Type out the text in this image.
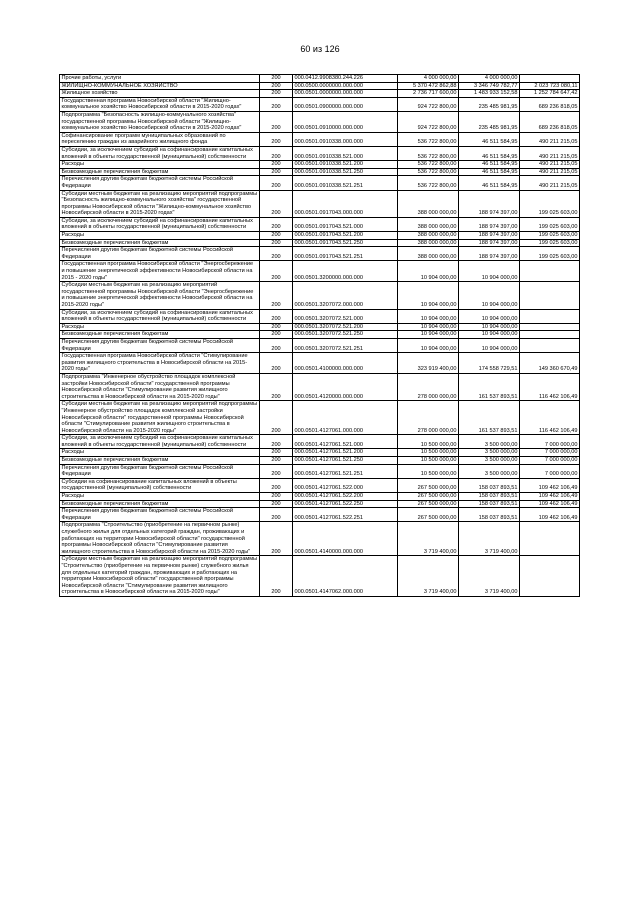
60 из 126
Прочие работы, услуги	200	000.0412.9908380.244.226	4 000 000,00	4 000 000,00	
ЖИЛИЩНО-КОММУНАЛЬНОЕ ХОЗЯЙСТВО	200	000.0500.0000000.000.000	5 370 472 862,88	3 346 749 782,77	2 023 723 080,11
Жилищное хозяйство	200	000.0501.0000000.000.000	2 736 717 600,00	1 483 933 152,58	1 252 784 647,42
Государственная программа Новосибирской области "Жилищно-коммунальное хозяйство Новосибирской области в 2015-2020 годах"	200	000.0501.0900000.000.000	924 722 800,00	235 485 981,95	689 236 818,05
Подпрограмма "Безопасность жилищно-коммунального хозяйства" государственной программы Новосибирской области "Жилищно-коммунальное хозяйство Новосибирской области в 2015-2020 годах"	200	000.0501.0910000.000.000	924 722 800,00	235 485 981,95	689 236 818,05
Софинансирование программ муниципальных образований по переселению граждан из аварийного жилищного фонда	200	000.0501.0910338.000.000	536 722 800,00	46 511 584,95	490 211 215,05
Субсидии, за исключением субсидий на софинансирование капитальных вложений в объекты государственной (муниципальной) собственности	200	000.0501.0910338.521.000	536 722 800,00	46 511 584,95	490 211 215,05
Расходы	200	000.0501.0910338.521.200	536 722 800,00	46 511 584,95	490 211 215,05
Безвозмездные перечисления бюджетам	200	000.0501.0910338.521.250	536 722 800,00	46 511 584,95	490 211 215,05
Перечисления другим бюджетам бюджетной системы Российской Федерации	200	000.0501.0910338.521.251	536 722 800,00	46 511 584,95	490 211 215,05
Субсидии местным бюджетам на реализацию мероприятий подпрограммы "Безопасность жилищно-коммунального хозяйства" государственной программы Новосибирской области "Жилищно-коммунальное хозяйство Новосибирской области в 2015-2020 годах"	200	000.0501.0917043.000.000	388 000 000,00	188 974 397,00	199 025 603,00
Субсидии, за исключением субсидий на софинансирование капитальных вложений в объекты государственной (муниципальной) собственности	200	000.0501.0917043.521.000	388 000 000,00	188 974 397,00	199 025 603,00
Расходы	200	000.0501.0917043.521.200	388 000 000,00	188 974 397,00	199 025 603,00
Безвозмездные перечисления бюджетам	200	000.0501.0917043.521.250	388 000 000,00	188 974 397,00	199 025 603,00
Перечисления другим бюджетам бюджетной системы Российской Федерации	200	000.0501.0917043.521.251	388 000 000,00	188 974 397,00	199 025 603,00
Государственная программа Новосибирской области "Энергосбережение и повышение энергетической эффективности Новосибирской области на 2015 - 2020 годы"	200	000.0501.3200000.000.000	10 904 000,00	10 904 000,00	
Субсидии местным бюджетам на реализацию мероприятий государственной программы Новосибирской области "Энергосбережение и повышение энергетической эффективности Новосибирской области на 2015-2020 годы"	200	000.0501.3207072.000.000	10 904 000,00	10 904 000,00	
Субсидии, за исключением субсидий на софинансирование капитальных вложений в объекты государственной (муниципальной) собственности	200	000.0501.3207072.521.000	10 904 000,00	10 904 000,00	
Расходы	200	000.0501.3207072.521.200	10 904 000,00	10 904 000,00	
Безвозмездные перечисления бюджетам	200	000.0501.3207072.521.250	10 904 000,00	10 904 000,00	
Перечисления другим бюджетам бюджетной системы Российской Федерации	200	000.0501.3207072.521.251	10 904 000,00	10 904 000,00	
Государственная программа Новосибирской области "Стимулирование развития жилищного строительства в Новосибирской области на 2015-2020 годы"	200	000.0501.4100000.000.000	323 919 400,00	174 558 729,51	149 360 670,49
Подпрограмма "Инженерное обустройство площадок комплексной застройки Новосибирской области" государственной программы Новосибирской области "Стимулирование развития жилищного строительства в Новосибирской области на 2015-2020 годы"	200	000.0501.4120000.000.000	278 000 000,00	161 537 893,51	116 462 106,49
Субсидии местным бюджетам на реализацию мероприятий подпрограммы "Инженерное обустройство площадок комплексной застройки Новосибирской области" государственной программы Новосибирской области "Стимулирование развития жилищного строительства в Новосибирской области на 2015-2020 годы"	200	000.0501.4127061.000.000	278 000 000,00	161 537 893,51	116 462 106,49
Субсидии, за исключением субсидий на софинансирование капитальных вложений в объекты государственной (муниципальной) собственности	200	000.0501.4127061.521.000	10 500 000,00	3 500 000,00	7 000 000,00
Расходы	200	000.0501.4127061.521.200	10 500 000,00	3 500 000,00	7 000 000,00
Безвозмездные перечисления бюджетам	200	000.0501.4127061.521.250	10 500 000,00	3 500 000,00	7 000 000,00
Перечисления другим бюджетам бюджетной системы Российской Федерации	200	000.0501.4127061.521.251	10 500 000,00	3 500 000,00	7 000 000,00
Субсидии на софинансирование капитальных вложений в объекты государственной (муниципальной) собственности	200	000.0501.4127061.522.000	267 500 000,00	158 037 893,51	109 462 106,49
Расходы	200	000.0501.4127061.522.200	267 500 000,00	158 037 893,51	109 462 106,49
Безвозмездные перечисления бюджетам	200	000.0501.4127061.522.250	267 500 000,00	158 037 893,51	109 462 106,49
Перечисления другим бюджетам бюджетной системы Российской Федерации	200	000.0501.4127061.522.251	267 500 000,00	158 037 893,51	109 462 106,49
Подпрограмма "Строительство (приобретение на первичном рынке) служебного жилья для отдельных категорий граждан, проживающих и работающих на территории Новосибирской области" государственной программы Новосибирской области "Стимулирование развития жилищного строительства в Новосибирской области на 2015-2020 годы"	200	000.0501.4140000.000.000	3 719 400,00	3 719 400,00	
Субсидии местным бюджетам на реализацию мероприятий подпрограммы "Строительство (приобретение на первичном рынке) служебного жилья для отдельных категорий граждан, проживающих и работающих на территории Новосибирской области" государственной программы Новосибирской области "Стимулирование развития жилищного строительства в Новосибирской области на 2015-2020 годы"	200	000.0501.4147062.000.000	3 719 400,00	3 719 400,00	
